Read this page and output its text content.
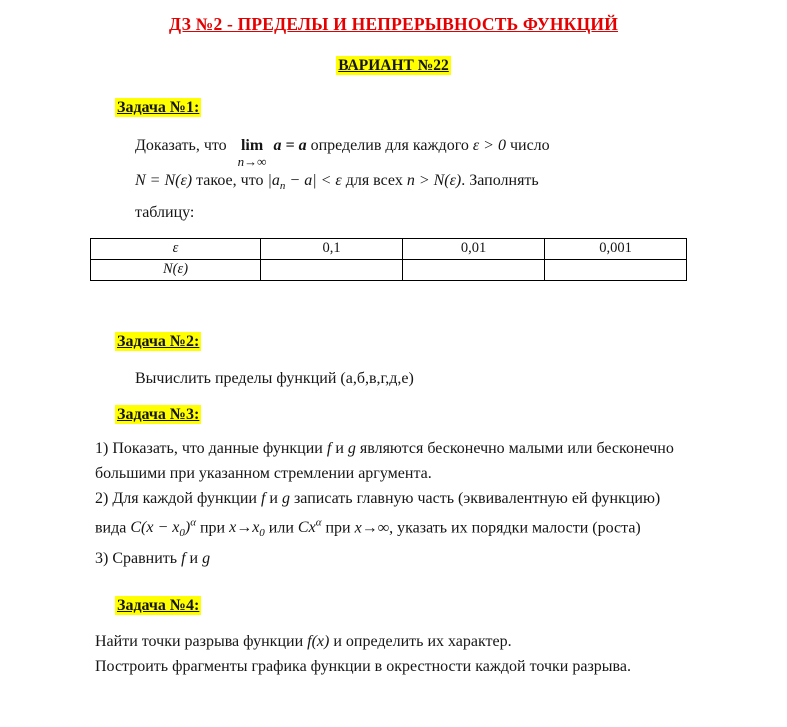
ДЗ №2 - ПРЕДЕЛЫ И НЕПРЕРЫВНОСТЬ ФУНКЦИЙ
ВАРИАНТ №22
Задача №1:
Доказать, что lim
n→∞
a = a определив для каждого ε > 0 число
N = N(ε) такое, что $|a_n - a| < \varepsilon$ для всех n > N(ε). Заполнять
таблицу:
ε	0,1	0,01	0,001
N(ε)			
Задача №2:
Вычислить пределы функций (а,б,в,г,д,е)
Задача №3:
1) Показать, что данные функции f и g являются бесконечно малыми или бесконечно большими при указанном стремлении аргумента.
2) Для каждой функции f и g записать главную часть (эквивалентную ей функцию) вида $C(x - x_0)^\alpha$ при $x\to x_0$ или $Cx^\alpha$ при x→∞, указать их порядки малости (роста)
3) Сравнить f и g
Задача №4:
Найти точки разрыва функции f(x) и определить их характер.
Построить фрагменты графика функции в окрестности каждой точки разрыва.
